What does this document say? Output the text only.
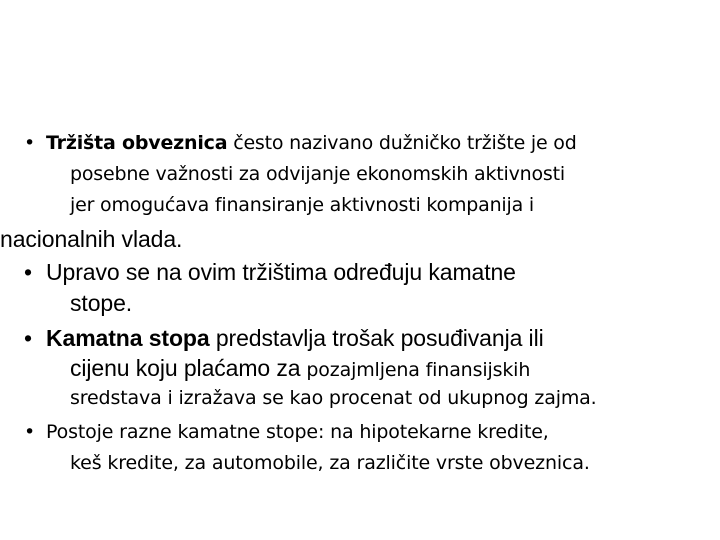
• Tržišta obveznica često nazivano dužničko tržište je od
posebne važnosti za odvijanje ekonomskih aktivnosti
jer omogućava finansiranje aktivnosti kompanija i
nacionalnih vlada.
• Upravo se na ovim tržištima određuju kamatne
stope.
• Kamatna stopa predstavlja trošak posuđivanja ili
cijenu koju plaćamo za pozajmljena finansijskih
sredstava i izražava se kao procenat od ukupnog zajma.
• Postoje razne kamatne stope: na hipotekarne kredite,
keš kredite, za automobile, za različite vrste obveznica.
